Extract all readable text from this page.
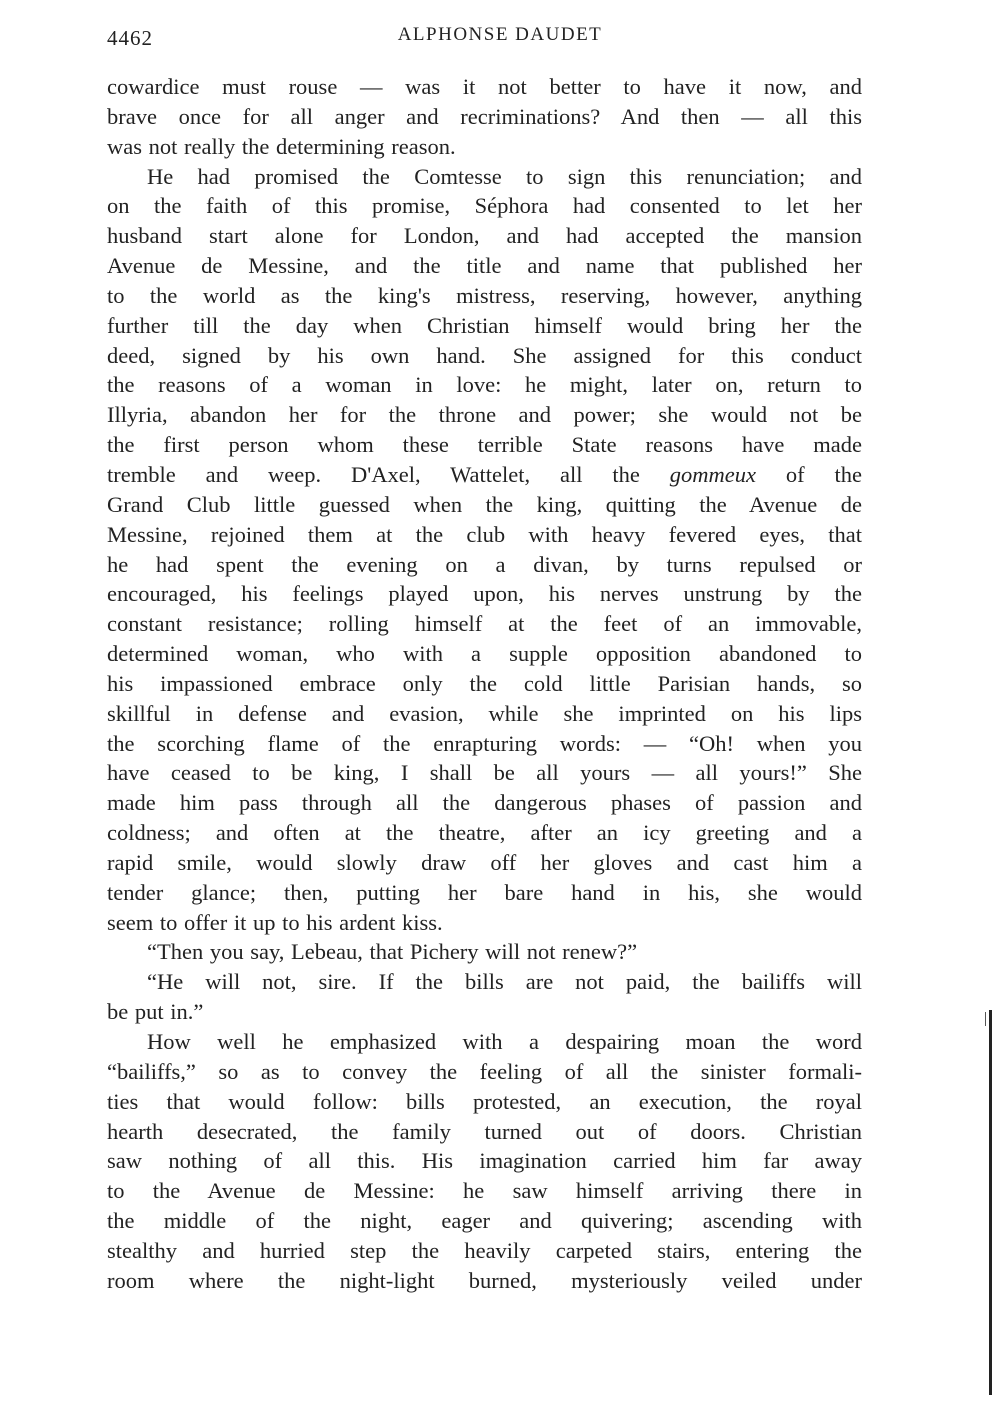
4462	ALPHONSE DAUDET
cowardice must rouse — was it not better to have it now, and
brave once for all anger and recriminations? And then — all this
was not really the determining reason.
He had promised the Comtesse to sign this renunciation; and
on the faith of this promise, Séphora had consented to let her
husband start alone for London, and had accepted the mansion
Avenue de Messine, and the title and name that published her
to the world as the king's mistress, reserving, however, anything
further till the day when Christian himself would bring her the
deed, signed by his own hand. She assigned for this conduct
the reasons of a woman in love: he might, later on, return to
Illyria, abandon her for the throne and power; she would not be
the first person whom these terrible State reasons have made
tremble and weep. D'Axel, Wattelet, all the gommeux of the
Grand Club little guessed when the king, quitting the Avenue de
Messine, rejoined them at the club with heavy fevered eyes, that
he had spent the evening on a divan, by turns repulsed or
encouraged, his feelings played upon, his nerves unstrung by the
constant resistance; rolling himself at the feet of an immovable,
determined woman, who with a supple opposition abandoned to
his impassioned embrace only the cold little Parisian hands, so
skillful in defense and evasion, while she imprinted on his lips
the scorching flame of the enrapturing words: — “Oh! when you
have ceased to be king, I shall be all yours — all yours!” She
made him pass through all the dangerous phases of passion and
coldness; and often at the theatre, after an icy greeting and a
rapid smile, would slowly draw off her gloves and cast him a
tender glance; then, putting her bare hand in his, she would
seem to offer it up to his ardent kiss.
“Then you say, Lebeau, that Pichery will not renew?”
“He will not, sire. If the bills are not paid, the bailiffs will
be put in.”
How well he emphasized with a despairing moan the word
“bailiffs,” so as to convey the feeling of all the sinister formali-
ties that would follow: bills protested, an execution, the royal
hearth desecrated, the family turned out of doors. Christian
saw nothing of all this. His imagination carried him far away
to the Avenue de Messine: he saw himself arriving there in
the middle of the night, eager and quivering; ascending with
stealthy and hurried step the heavily carpeted stairs, entering the
room where the night-light burned, mysteriously veiled under
